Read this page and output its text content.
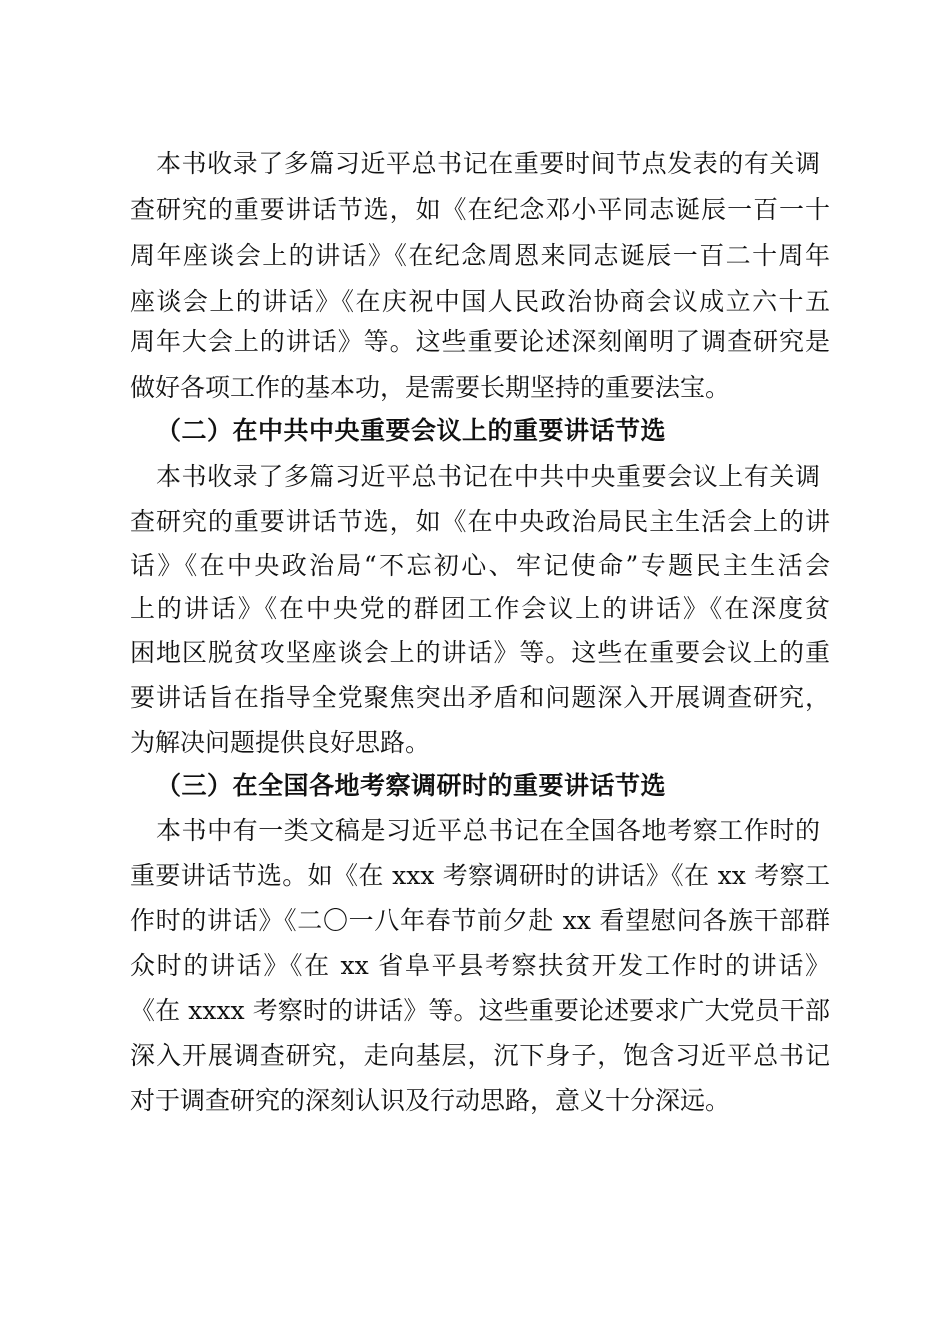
本书收录了多篇习近平总书记在重要时间节点发表的有关调
查研究的重要讲话节选，如《在纪念邓小平同志诞辰一百一十
周年座谈会上的讲话》《在纪念周恩来同志诞辰一百二十周年
座谈会上的讲话》《在庆祝中国人民政治协商会议成立六十五
周年大会上的讲话》等。这些重要论述深刻阐明了调查研究是
做好各项工作的基本功，是需要长期坚持的重要法宝。
（二）在中共中央重要会议上的重要讲话节选
本书收录了多篇习近平总书记在中共中央重要会议上有关调
查研究的重要讲话节选，如《在中央政治局民主生活会上的讲
话》《在中央政治局“不忘初心、牢记使命”专题民主生活会
上的讲话》《在中央党的群团工作会议上的讲话》《在深度贫
困地区脱贫攻坚座谈会上的讲话》等。这些在重要会议上的重
要讲话旨在指导全党聚焦突出矛盾和问题深入开展调查研究，
为解决问题提供良好思路。
（三）在全国各地考察调研时的重要讲话节选
本书中有一类文稿是习近平总书记在全国各地考察工作时的
重要讲话节选。如《在 xxx 考察调研时的讲话》《在 xx 考察工
作时的讲话》《二〇一八年春节前夕赴 xx 看望慰问各族干部群
众时的讲话》《在 xx 省阜平县考察扶贫开发工作时的讲话》
《在 xxxx 考察时的讲话》等。这些重要论述要求广大党员干部
深入开展调查研究，走向基层，沉下身子，饱含习近平总书记
对于调查研究的深刻认识及行动思路，意义十分深远。
